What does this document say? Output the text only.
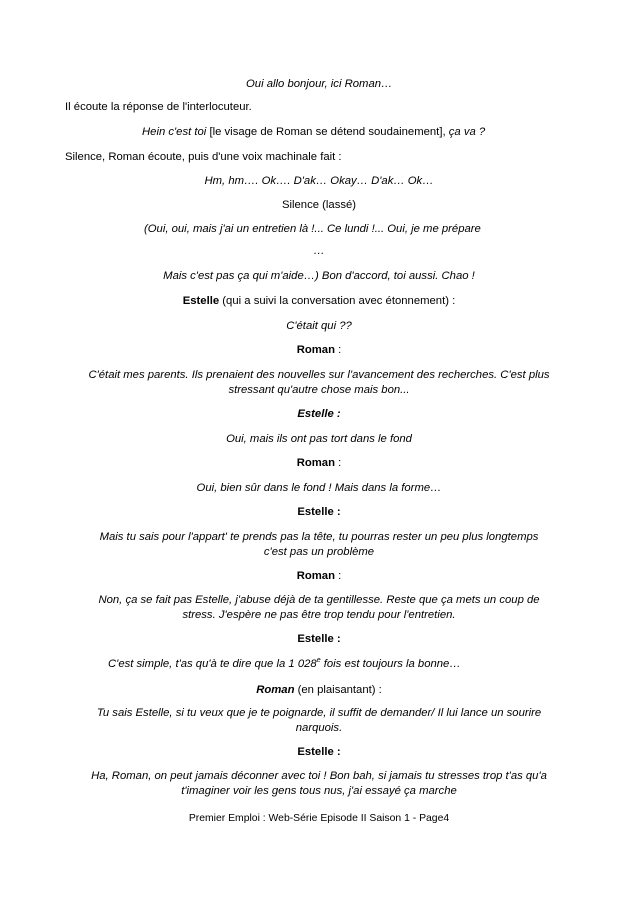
Oui allo bonjour, ici Roman…
Il écoute la réponse de l'interlocuteur.
Hein c'est toi [le visage de Roman se détend soudainement], ça va ?
Silence, Roman écoute, puis d'une voix machinale fait :
Hm, hm…. Ok…. D'ak… Okay… D'ak… Ok…
Silence (lassé)
(Oui, oui, mais j'ai un entretien là !... Ce lundi !... Oui, je me prépare
…
Mais c'est pas ça qui m'aide…) Bon d'accord, toi aussi. Chao !
Estelle (qui a suivi la conversation avec étonnement) :
C'était qui ??
Roman :
C'était mes parents. Ils prenaient des nouvelles sur l'avancement des recherches. C'est plus
stressant qu'autre chose mais bon...
Estelle :
Oui, mais ils ont pas tort dans le fond
Roman :
Oui, bien sûr dans le fond ! Mais dans la forme…
Estelle :
Mais tu sais pour l'appart' te prends pas la tête, tu pourras rester un peu plus longtemps
c'est pas un problème
Roman :
Non, ça se fait pas Estelle, j'abuse déjà de ta gentillesse. Reste que ça mets un coup de
stress. J'espère ne pas être trop tendu pour l'entretien.
Estelle :
C'est simple, t'as qu'à te dire que la 1 028e fois est toujours la bonne…
Roman (en plaisantant) :
Tu sais Estelle, si tu veux que je te poignarde, il suffit de demander/ Il lui lance un sourire
narquois.
Estelle :
Ha, Roman, on peut jamais déconner avec toi ! Bon bah, si jamais tu stresses trop t'as qu'a
t'imaginer voir les gens tous nus, j'ai essayé ça marche
Premier Emploi : Web-Série Episode II Saison 1 - Page4
